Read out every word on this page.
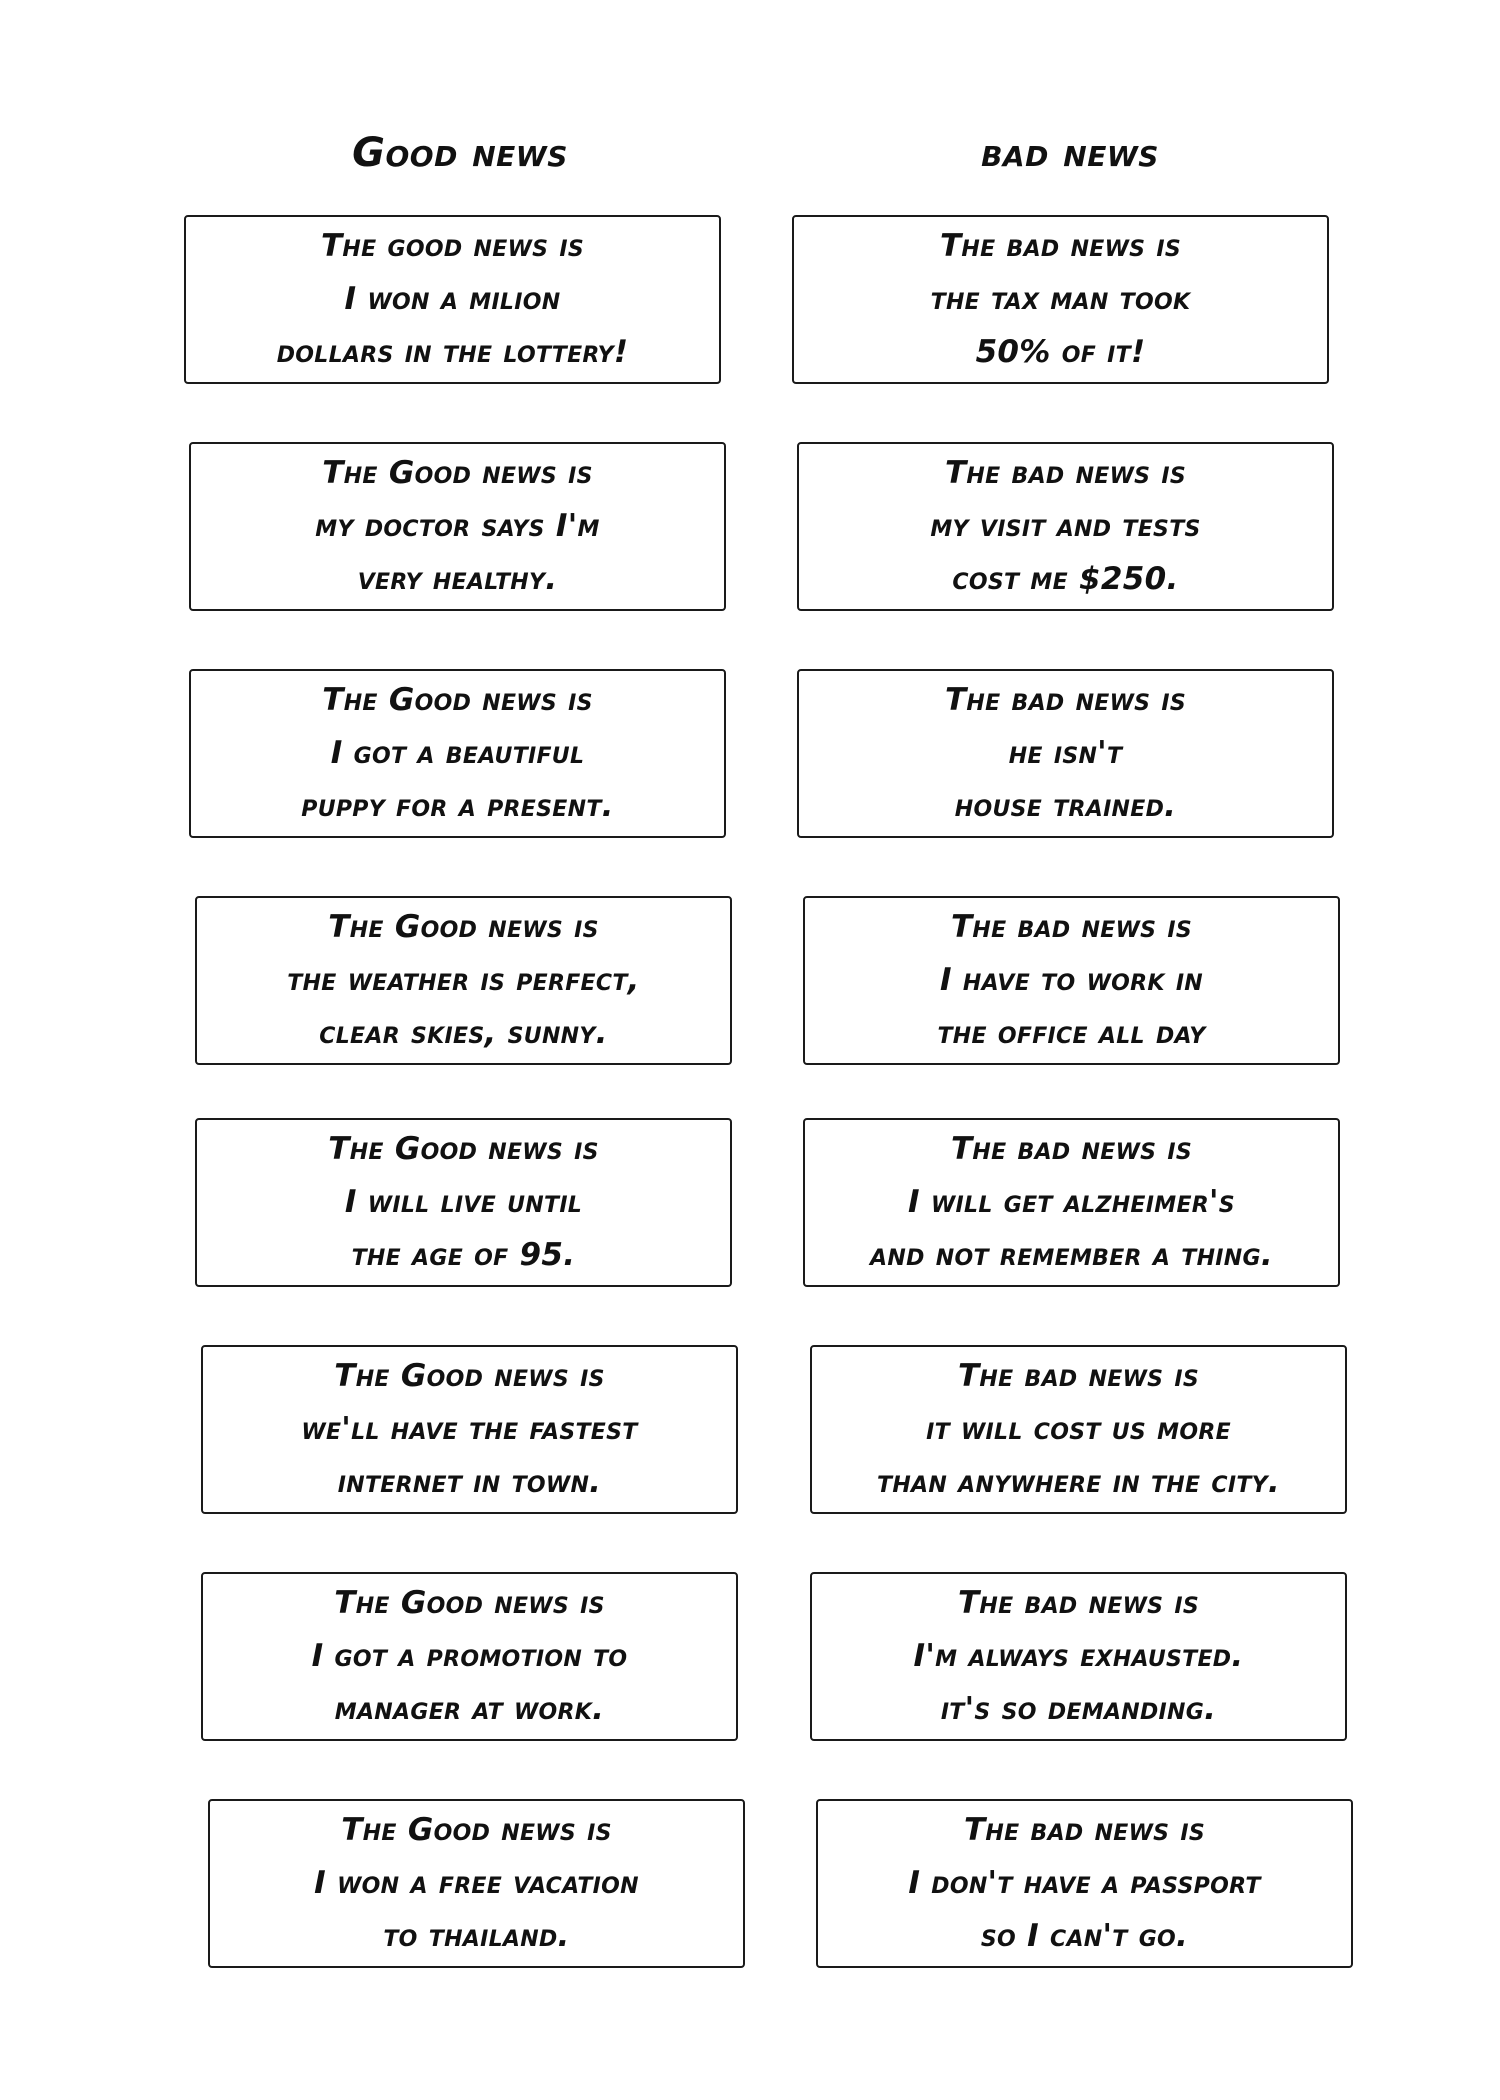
Good news	bad news
The good news is
I won a milion
dollars in the lottery!
The Good news is
my doctor says I'm
very healthy.
The Good news is
I got a beautiful
puppy for a present.
The Good news is
the weather is perfect,
clear skies, sunny.
The Good news is
I will live until
the age of 95.
The Good news is
we'll have the fastest
internet in town.
The Good news is
I got a promotion to
manager at work.
The Good news is
I won a free vacation
to thailand.
The bad news is
the tax man took
50% of it!
The bad news is
my visit and tests
cost me $250.
The bad news is
he isn't
house trained.
The bad news is
I have to work in
the office all day
The bad news is
I will get alzheimer's
and not remember a thing.
The bad news is
it will cost us more
than anywhere in the city.
The bad news is
I'm always exhausted.
it's so demanding.
The bad news is
I don't have a passport
so I can't go.
